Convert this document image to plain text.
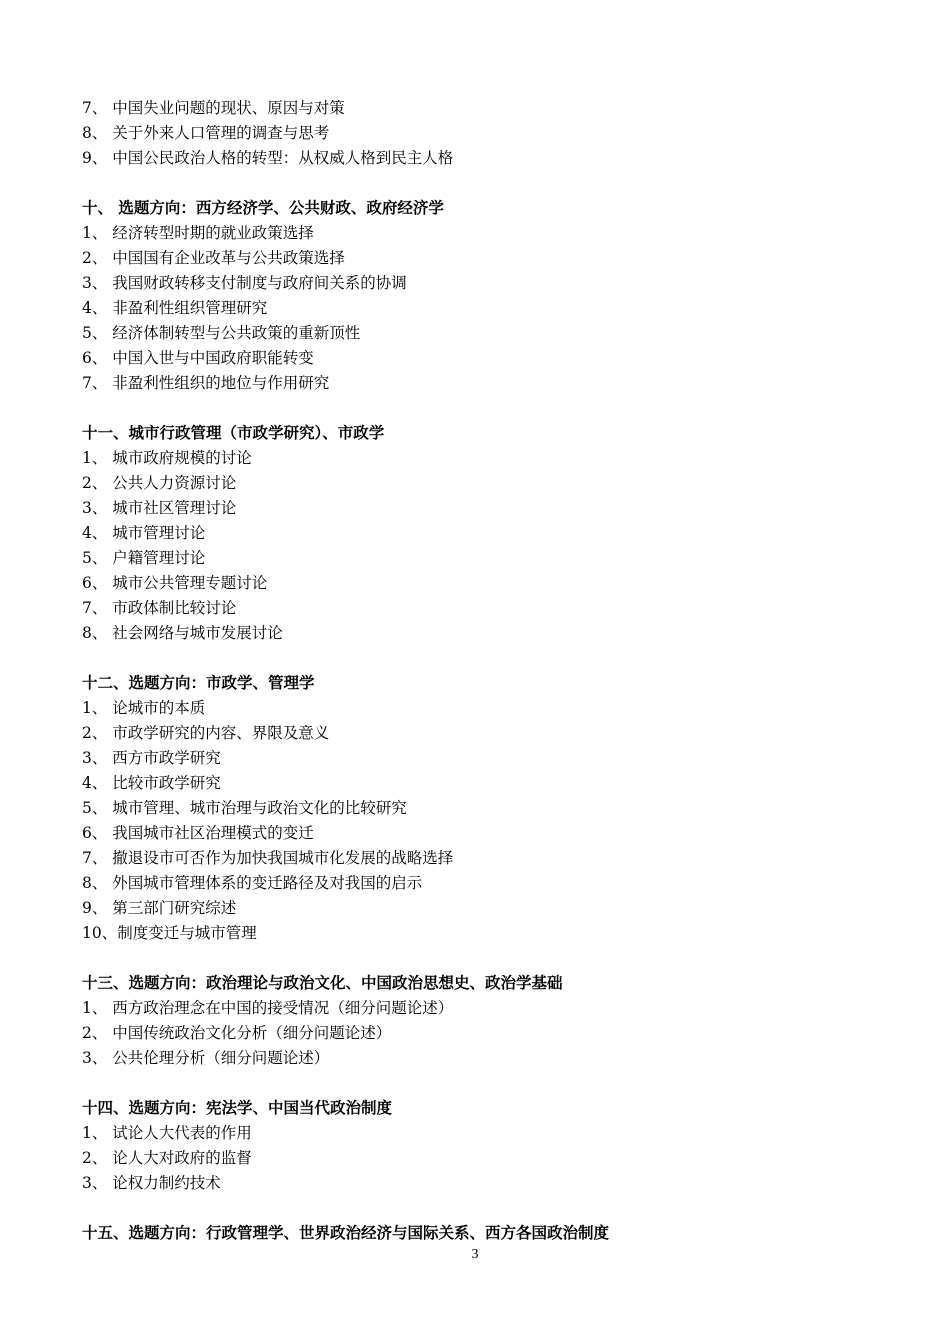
7、 中国失业问题的现状、原因与对策
8、 关于外来人口管理的调查与思考
9、 中国公民政治人格的转型：从权威人格到民主人格
十、 选题方向：西方经济学、公共财政、政府经济学
1、 经济转型时期的就业政策选择
2、 中国国有企业改革与公共政策选择
3、 我国财政转移支付制度与政府间关系的协调
4、 非盈利性组织管理研究
5、 经济体制转型与公共政策的重新顶性
6、 中国入世与中国政府职能转变
7、 非盈利性组织的地位与作用研究
十一、城市行政管理（市政学研究）、市政学
1、 城市政府规模的讨论
2、 公共人力资源讨论
3、 城市社区管理讨论
4、 城市管理讨论
5、 户籍管理讨论
6、 城市公共管理专题讨论
7、 市政体制比较讨论
8、 社会网络与城市发展讨论
十二、选题方向：市政学、管理学
1、 论城市的本质
2、 市政学研究的内容、界限及意义
3、 西方市政学研究
4、 比较市政学研究
5、 城市管理、城市治理与政治文化的比较研究
6、 我国城市社区治理模式的变迁
7、 撤退设市可否作为加快我国城市化发展的战略选择
8、 外国城市管理体系的变迁路径及对我国的启示
9、 第三部门研究综述
10、制度变迁与城市管理
十三、选题方向：政治理论与政治文化、中国政治思想史、政治学基础
1、 西方政治理念在中国的接受情况（细分问题论述）
2、 中国传统政治文化分析（细分问题论述）
3、 公共伦理分析（细分问题论述）
十四、选题方向：宪法学、中国当代政治制度
1、 试论人大代表的作用
2、 论人大对政府的监督
3、 论权力制约技术
十五、选题方向：行政管理学、世界政治经济与国际关系、西方各国政治制度
3
